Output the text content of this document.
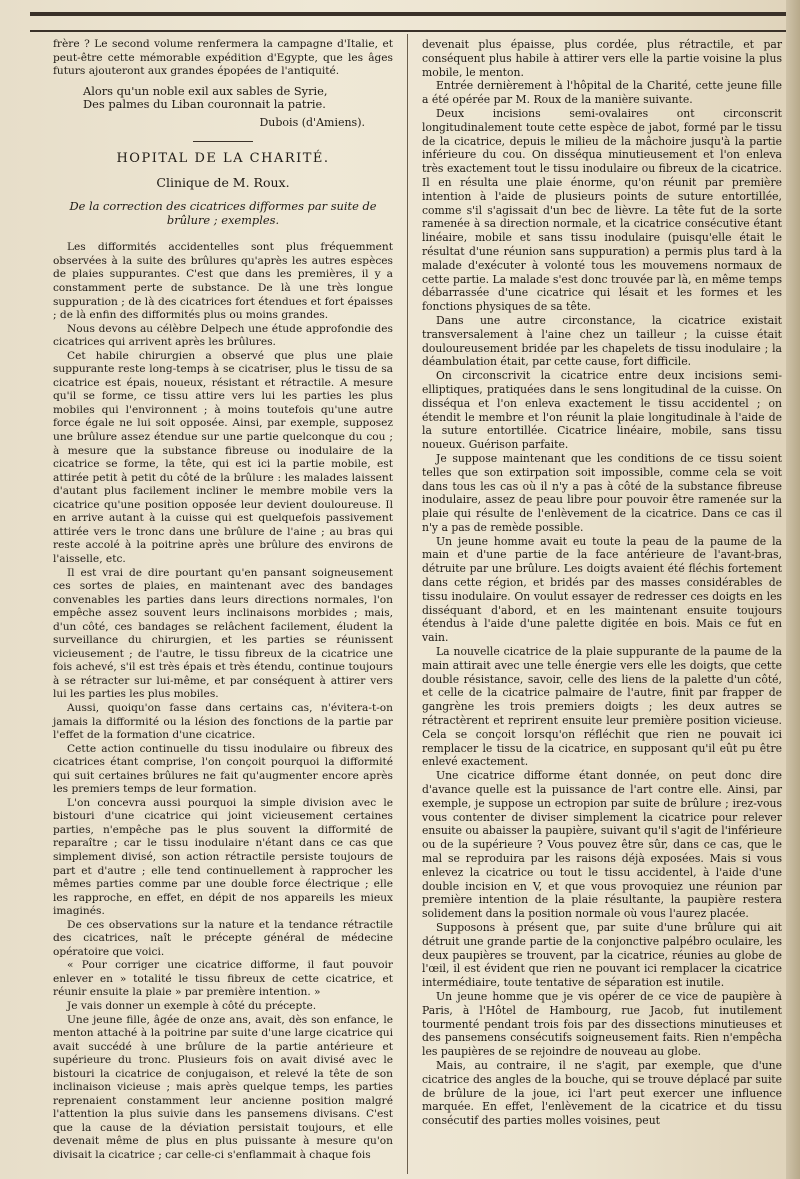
frère ? Le second volume renfermera la campagne d'Italie, et peut-être cette mémorable expédition d'Egypte, que les âges futurs ajouteront aux grandes épopées de l'antiquité.

Alors qu'un noble exil aux sables de Syrie,
Des palmes du Liban couronnait la patrie.
Dubois (d'Amiens).
HOPITAL DE LA CHARITÉ.
Clinique de M. Roux.
De la correction des cicatrices difformes par suite de brûlure ; exemples.

Les difformités accidentelles sont plus fréquemment observées à la suite des brûlures qu'après les autres espèces de plaies suppurantes. C'est que dans les premières, il y a constamment perte de substance. De là une très longue suppuration ; de là des cicatrices fort étendues et fort épaisses ; de là enfin des difformités plus ou moins grandes.

Nous devons au célèbre Delpech une étude approfondie des cicatrices qui arrivent après les brûlures.

Cet habile chirurgien a observé que plus une plaie suppurante reste long-temps à se cicatriser, plus le tissu de sa cicatrice est épais, noueux, résistant et rétractile. A mesure qu'il se forme, ce tissu attire vers lui les parties les plus mobiles qui l'environnent ; à moins toutefois qu'une autre force égale ne lui soit opposée. Ainsi, par exemple, supposez une brûlure assez étendue sur une partie quelconque du cou ; à mesure que la substance fibreuse ou inodulaire de la cicatrice se forme, la tête, qui est ici la partie mobile, est attirée petit à petit du côté de la brûlure : les malades laissent d'autant plus facilement incliner le membre mobile vers la cicatrice qu'une position opposée leur devient douloureuse. Il en arrive autant à la cuisse qui est quelquefois passivement attirée vers le tronc dans une brûlure de l'aine ; au bras qui reste accolé à la poitrine après une brûlure des environs de l'aisselle, etc.

Il est vrai de dire pourtant qu'en pansant soigneusement ces sortes de plaies, en maintenant avec des bandages convenables les parties dans leurs directions normales, l'on empêche assez souvent leurs inclinaisons morbides ; mais, d'un côté, ces bandages se relâchent facilement, éludent la surveillance du chirurgien, et les parties se réunissent vicieusement ; de l'autre, le tissu fibreux de la cicatrice une fois achevé, s'il est très épais et très étendu, continue toujours à se rétracter sur lui-même, et par conséquent à attirer vers lui les parties les plus mobiles.

Aussi, quoiqu'on fasse dans certains cas, n'évitera-t-on jamais la difformité ou la lésion des fonctions de la partie par l'effet de la formation d'une cicatrice.

Cette action continuelle du tissu inodulaire ou fibreux des cicatrices étant comprise, l'on conçoit pourquoi la difformité qui suit certaines brûlures ne fait qu'augmenter encore après les premiers temps de leur formation.

L'on concevra aussi pourquoi la simple division avec le bistouri d'une cicatrice qui joint vicieusement certaines parties, n'empêche pas le plus souvent la difformité de reparaître ; car le tissu inodulaire n'étant dans ce cas que simplement divisé, son action rétractile persiste toujours de part et d'autre ; elle tend continuellement à rapprocher les mêmes parties comme par une double force électrique ; elle les rapproche, en effet, en dépit de nos appareils les mieux imaginés.

De ces observations sur la nature et la tendance rétractile des cicatrices, naît le précepte général de médecine opératoire que voici.

« Pour corriger une cicatrice difforme, il faut pouvoir enlever en » totalité le tissu fibreux de cette cicatrice, et réunir ensuite la plaie » par première intention. »

Je vais donner un exemple à côté du précepte.

Une jeune fille, âgée de onze ans, avait, dès son enfance, le menton attaché à la poitrine par suite d'une large cicatrice qui avait succédé à une brûlure de la partie antérieure et supérieure du tronc. Plusieurs fois on avait divisé avec le bistouri la cicatrice de conjugaison, et relevé la tête de son inclinaison vicieuse ; mais après quelque temps, les parties reprenaient constamment leur ancienne position malgré l'attention la plus suivie dans les pansemens divisans. C'est que la cause de la déviation persistait toujours, et elle devenait même de plus en plus puissante à mesure qu'on divisait la cicatrice ; car celle-ci s'enflammait à chaque fois

devenait plus épaisse, plus cordée, plus rétractile, et par conséquent plus habile à attirer vers elle la partie voisine la plus mobile, le menton.

Entrée dernièrement à l'hôpital de la Charité, cette jeune fille a été opérée par M. Roux de la manière suivante.

Deux incisions semi-ovalaires ont circonscrit longitudinalement toute cette espèce de jabot, formé par le tissu de la cicatrice, depuis le milieu de la mâchoire jusqu'à la partie inférieure du cou. On disséqua minutieusement et l'on enleva très exactement tout le tissu inodulaire ou fibreux de la cicatrice. Il en résulta une plaie énorme, qu'on réunit par première intention à l'aide de plusieurs points de suture entortillée, comme s'il s'agissait d'un bec de lièvre. La tête fut de la sorte ramenée à sa direction normale, et la cicatrice consécutive étant linéaire, mobile et sans tissu inodulaire (puisqu'elle était le résultat d'une réunion sans suppuration) a permis plus tard à la malade d'exécuter à volonté tous les mouvemens normaux de cette partie. La malade s'est donc trouvée par là, en même temps débarrassée d'une cicatrice qui lésait et les formes et les fonctions physiques de sa tête.

Dans une autre circonstance, la cicatrice existait transversalement à l'aine chez un tailleur ; la cuisse était douloureusement bridée par les chapelets de tissu inodulaire ; la déambulation était, par cette cause, fort difficile.

On circonscrivit la cicatrice entre deux incisions semi-elliptiques, pratiquées dans le sens longitudinal de la cuisse. On disséqua et l'on enleva exactement le tissu accidentel ; on étendit le membre et l'on réunit la plaie longitudinale à l'aide de la suture entortillée. Cicatrice linéaire, mobile, sans tissu noueux. Guérison parfaite.

Je suppose maintenant que les conditions de ce tissu soient telles que son extirpation soit impossible, comme cela se voit dans tous les cas où il n'y a pas à côté de la substance fibreuse inodulaire, assez de peau libre pour pouvoir être ramenée sur la plaie qui résulte de l'enlèvement de la cicatrice. Dans ce cas il n'y a pas de remède possible.

Un jeune homme avait eu toute la peau de la paume de la main et d'une partie de la face antérieure de l'avant-bras, détruite par une brûlure. Les doigts avaient été fléchis fortement dans cette région, et bridés par des masses considérables de tissu inodulaire. On voulut essayer de redresser ces doigts en les disséquant d'abord, et en les maintenant ensuite toujours étendus à l'aide d'une palette digitée en bois. Mais ce fut en vain.

La nouvelle cicatrice de la plaie suppurante de la paume de la main attirait avec une telle énergie vers elle les doigts, que cette double résistance, savoir, celle des liens de la palette d'un côté, et celle de la cicatrice palmaire de l'autre, finit par frapper de gangrène les trois premiers doigts ; les deux autres se rétractèrent et reprirent ensuite leur première position vicieuse. Cela se conçoit lorsqu'on réfléchit que rien ne pouvait ici remplacer le tissu de la cicatrice, en supposant qu'il eût pu être enlevé exactement.

Une cicatrice difforme étant donnée, on peut donc dire d'avance quelle est la puissance de l'art contre elle. Ainsi, par exemple, je suppose un ectropion par suite de brûlure ; irez-vous vous contenter de diviser simplement la cicatrice pour relever ensuite ou abaisser la paupière, suivant qu'il s'agit de l'inférieure ou de la supérieure ? Vous pouvez être sûr, dans ce cas, que le mal se reproduira par les raisons déjà exposées. Mais si vous enlevez la cicatrice ou tout le tissu accidentel, à l'aide d'une double incision en V, et que vous provoquiez une réunion par première intention de la plaie résultante, la paupière restera solidement dans la position normale où vous l'aurez placée.

Supposons à présent que, par suite d'une brûlure qui ait détruit une grande partie de la conjonctive palpébro oculaire, les deux paupières se trouvent, par la cicatrice, réunies au globe de l'œil, il est évident que rien ne pouvant ici remplacer la cicatrice intermédiaire, toute tentative de séparation est inutile.

Un jeune homme que je vis opérer de ce vice de paupière à Paris, à l'Hôtel de Hambourg, rue Jacob, fut inutilement tourmenté pendant trois fois par des dissections minutieuses et des pansemens consécutifs soigneusement faits. Rien n'empêcha les paupières de se rejoindre de nouveau au globe.

Mais, au contraire, il ne s'agit, par exemple, que d'une cicatrice des angles de la bouche, qui se trouve déplacé par suite de brûlure de la joue, ici l'art peut exercer une influence marquée. En effet, l'enlèvement de la cicatrice et du tissu consécutif des parties molles voisines, peut
